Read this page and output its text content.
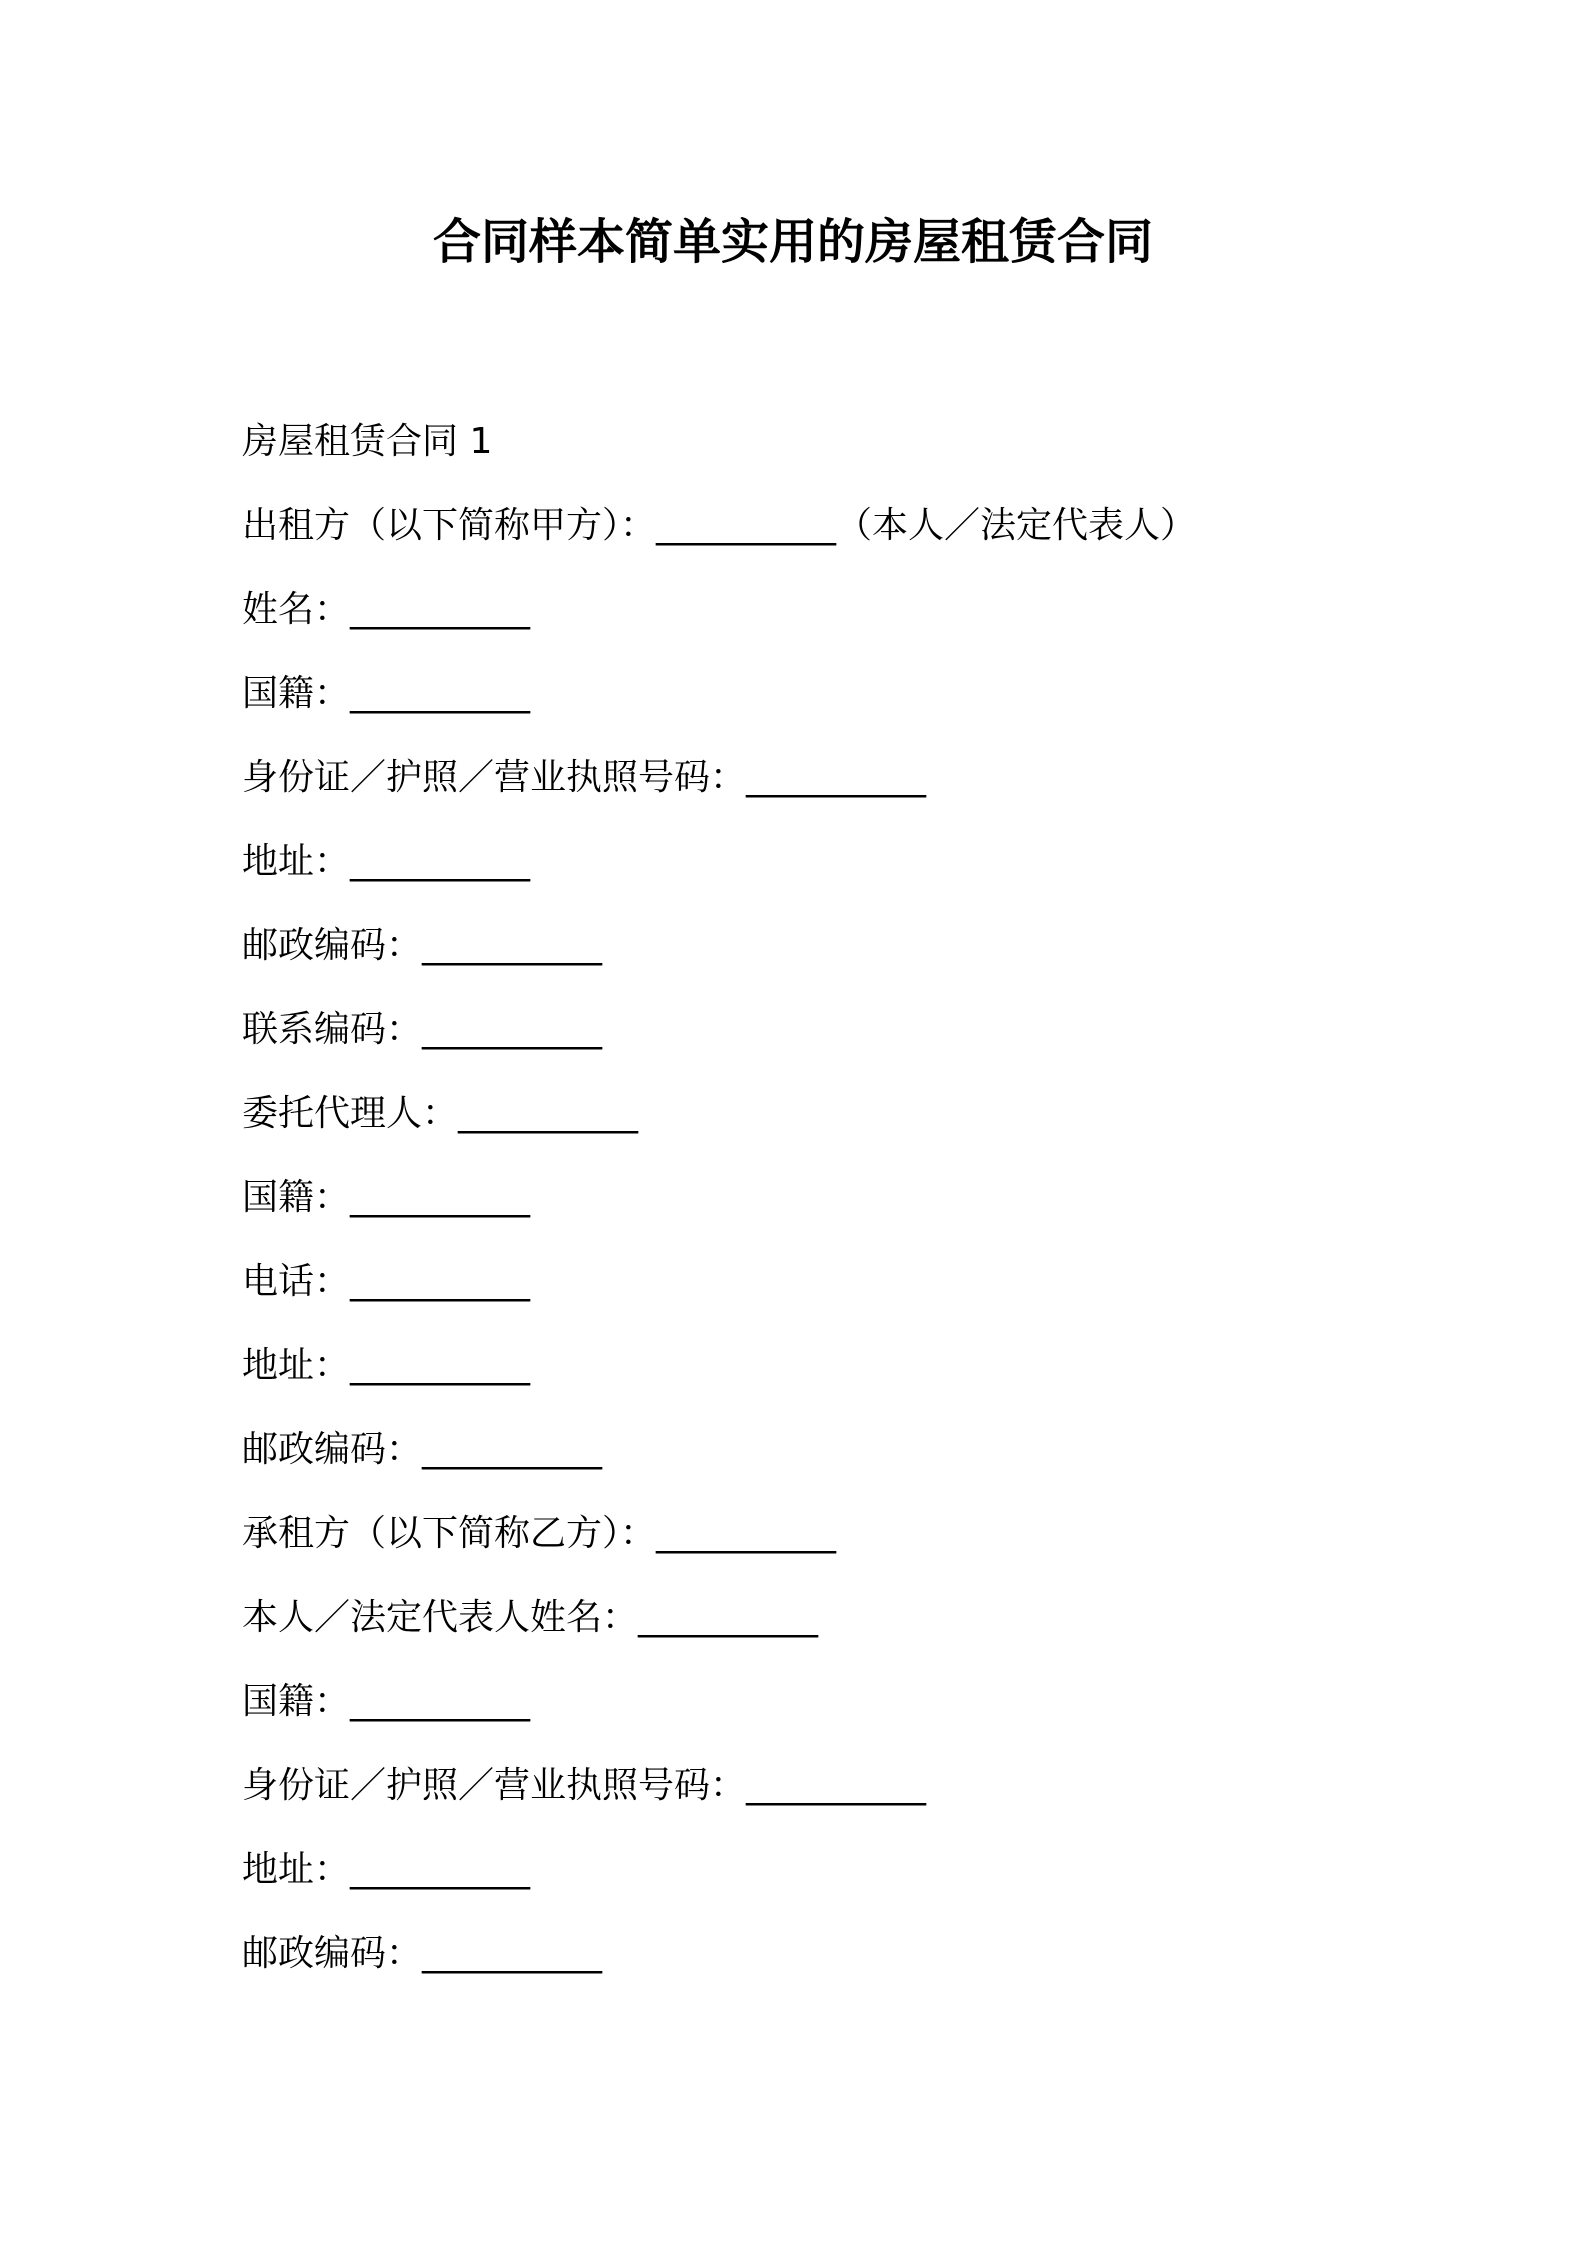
合同样本简单实用的房屋租赁合同
房屋租赁合同 1
出租方（以下简称甲方）：__________（本人／法定代表人）
姓名：__________
国籍：__________
身份证／护照／营业执照号码：__________
地址：__________
邮政编码：__________
联系编码：__________
委托代理人：__________
国籍：__________
电话：__________
地址：__________
邮政编码：__________
承租方（以下简称乙方）：__________
本人／法定代表人姓名：__________
国籍：__________
身份证／护照／营业执照号码：__________
地址：__________
邮政编码：__________
